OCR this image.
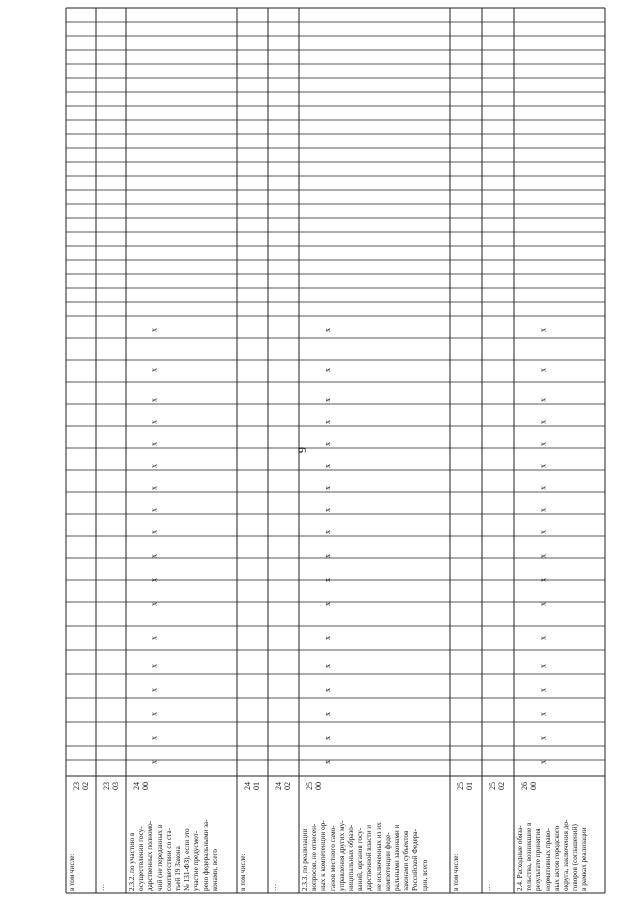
x
x
x
x
x
x
x
x
x
x
x
x
x
x
x
x
x
x
x
x
x
x
x
x
x
x
x
x
x
x
x
x
x
x
x
x
x
x
x
x
x
x
x
x
x
x
x
x
x
x
x
x
x
x
9
в том числе:
23
02
…
23
03
2.3.2. по участию в
осуществлении госу-
дарственных полномо-
чий (не переданных в
соответствии со ста-
тьей 19 Закона
№ 131-ФЗ), если это
участие предусмот-
рено федеральными за-
конами, всего
24
00
в том числе:
24
01
…
24
02
2.3.3. по реализации
вопросов, не отнесен-
ных к компетенции ор-
ганов местного само-
управления других му-
ниципальных образо-
ваний, органов госу-
дарственной власти и
не исключенных из их
компетенции феде-
ральными законами и
законами субъектов
Российской Федера-
ции, всего
25
00
в том числе:
25
01
…
25
02
2.4. Расходные обяза-
тельства, возникшие в
результате принятия
нормативных право-
вых актов городского
округа, заключения до-
говоров (соглашений)
в рамках реализации
26
00
